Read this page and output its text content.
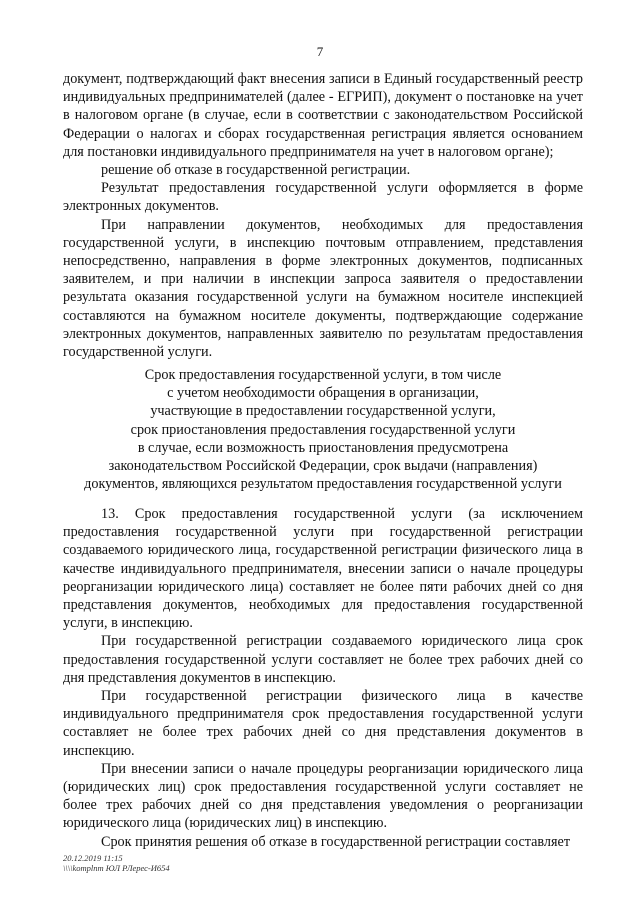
7

документ, подтверждающий факт внесения записи в Единый государственный реестр индивидуальных предпринимателей (далее - ЕГРИП), документ о постановке на учет в налоговом органе (в случае, если в соответствии с законодательством Российской Федерации о налогах и сборах государственная регистрация является основанием для постановки индивидуального предпринимателя на учет в налоговом органе);

решение об отказе в государственной регистрации.

Результат предоставления государственной услуги оформляется в форме электронных документов.

При направлении документов, необходимых для предоставления государственной услуги, в инспекцию почтовым отправлением, представления непосредственно, направления в форме электронных документов, подписанных заявителем, и при наличии в инспекции запроса заявителя о предоставлении результата оказания государственной услуги на бумажном носителе инспекцией составляются на бумажном носителе документы, подтверждающие содержание электронных документов, направленных заявителю по результатам предоставления государственной услуги.

Срок предоставления государственной услуги, в том числе
с учетом необходимости обращения в организации,
участвующие в предоставлении государственной услуги,
срок приостановления предоставления государственной услуги
в случае, если возможность приостановления предусмотрена
законодательством Российской Федерации, срок выдачи (направления)
документов, являющихся результатом предоставления государственной услуги

13. Срок предоставления государственной услуги (за исключением предоставления государственной услуги при государственной регистрации создаваемого юридического лица, государственной регистрации физического лица в качестве индивидуального предпринимателя, внесении записи о начале процедуры реорганизации юридического лица) составляет не более пяти рабочих дней со дня представления документов, необходимых для предоставления государственной услуги, в инспекцию.

При государственной регистрации создаваемого юридического лица срок предоставления государственной услуги составляет не более трех рабочих дней со дня представления документов в инспекцию.

При государственной регистрации физического лица в качестве индивидуального предпринимателя срок предоставления государственной услуги составляет не более трех рабочих дней со дня представления документов в инспекцию.

При внесении записи о начале процедуры реорганизации юридического лица (юридических лиц) срок предоставления государственной услуги составляет не более трех рабочих дней со дня представления уведомления о реорганизации юридического лица (юридических лиц) в инспекцию.

Срок принятия решения об отказе в государственной регистрации составляет

20.12.2019 11:15
\\\\komplnm ЮЛ РЛерес-И654
